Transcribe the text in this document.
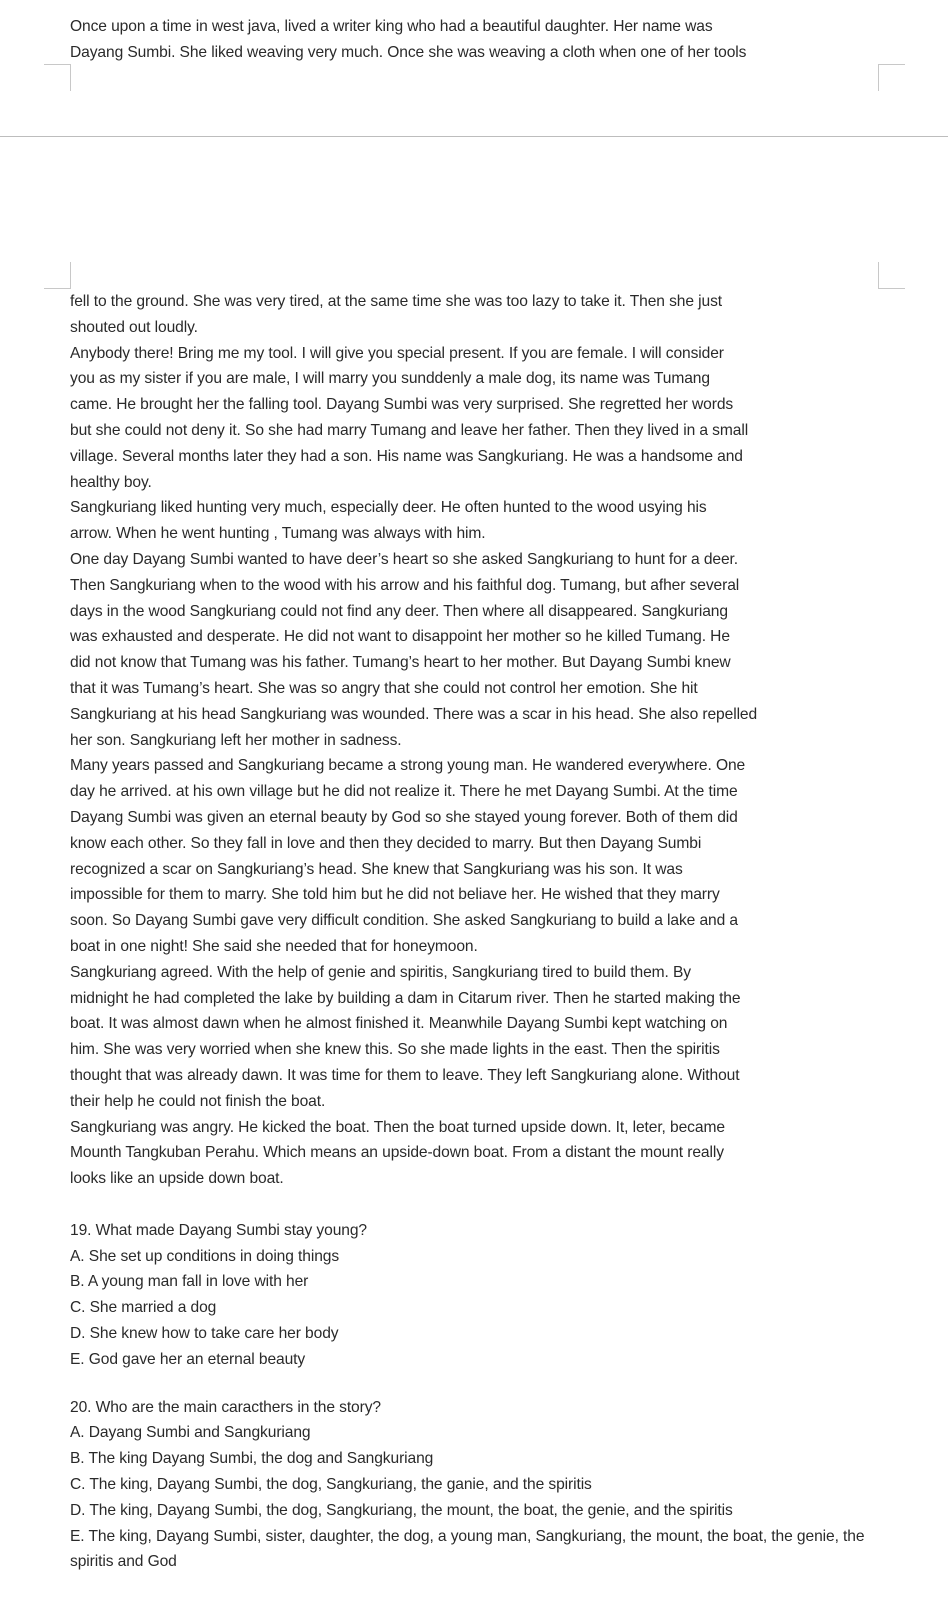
Once upon a time in west java, lived a writer king who had a beautiful daughter. Her name was
Dayang Sumbi. She liked weaving very much. Once she was weaving a cloth when one of her tools
fell to the ground. She was very tired, at the same time she was too lazy to take it. Then she just
shouted out loudly.
Anybody there! Bring me my tool. I will give you special present. If you are female. I will consider
you as my sister if you are male, I will marry you sunddenly a male dog, its name was Tumang
came. He brought her the falling tool. Dayang Sumbi was very surprised. She regretted her words
but she could not deny it. So she had marry Tumang and leave her father. Then they lived in a small
village. Several months later they had a son. His name was Sangkuriang. He was a handsome and
healthy boy.
Sangkuriang liked hunting very much, especially deer. He often hunted to the wood usying his
arrow. When he went hunting , Tumang was always with him.
One day Dayang Sumbi wanted to have deer’s heart so she asked Sangkuriang to hunt for a deer.
Then Sangkuriang when to the wood with his arrow and his faithful dog. Tumang, but afher several
days in the wood Sangkuriang could not find any deer. Then where all disappeared. Sangkuriang
was exhausted and desperate. He did not want to disappoint her mother so he killed Tumang. He
did not know that Tumang was his father. Tumang’s heart to her mother. But Dayang Sumbi knew
that it was Tumang’s heart. She was so angry that she could not control her emotion. She hit
Sangkuriang at his head Sangkuriang was wounded. There was a scar in his head. She also repelled
her son. Sangkuriang left her mother in sadness.
Many years passed and Sangkuriang became a strong young man. He wandered everywhere. One
day he arrived. at his own village but he did not realize it. There he met Dayang Sumbi. At the time
Dayang Sumbi was given an eternal beauty by God so she stayed young forever. Both of them did
know each other. So they fall in love and then they decided to marry. But then Dayang Sumbi
recognized a scar on Sangkuriang’s head. She knew that Sangkuriang was his son. It was
impossible for them to marry. She told him but he did not beliave her. He wished that they marry
soon. So Dayang Sumbi gave very difficult condition. She asked Sangkuriang to build a lake and a
boat in one night! She said she needed that for honeymoon.
Sangkuriang agreed. With the help of genie and spiritis, Sangkuriang tired to build them. By
midnight he had completed the lake by building a dam in Citarum river. Then he started making the
boat. It was almost dawn when he almost finished it. Meanwhile Dayang Sumbi kept watching on
him. She was very worried when she knew this. So she made lights in the east. Then the spiritis
thought that was already dawn. It was time for them to leave. They left Sangkuriang alone. Without
their help he could not finish the boat.
Sangkuriang was angry. He kicked the boat. Then the boat turned upside down. It, leter, became
Mounth Tangkuban Perahu. Which means an upside-down boat. From a distant the mount really
looks like an upside down boat.
19. What made Dayang Sumbi stay young?
A. She set up conditions in doing things
B. A young man fall in love with her
C. She married a dog
D. She knew how to take care her body
E. God gave her an eternal beauty
20. Who are the main caracthers in the story?
A. Dayang Sumbi and Sangkuriang
B. The king Dayang Sumbi, the dog and Sangkuriang
C. The king, Dayang Sumbi, the dog, Sangkuriang, the ganie, and the spiritis
D. The king, Dayang Sumbi, the dog, Sangkuriang, the mount, the boat, the genie, and the spiritis
E. The king, Dayang Sumbi, sister, daughter, the dog, a young man, Sangkuriang, the mount, the boat, the genie, the spiritis and God
